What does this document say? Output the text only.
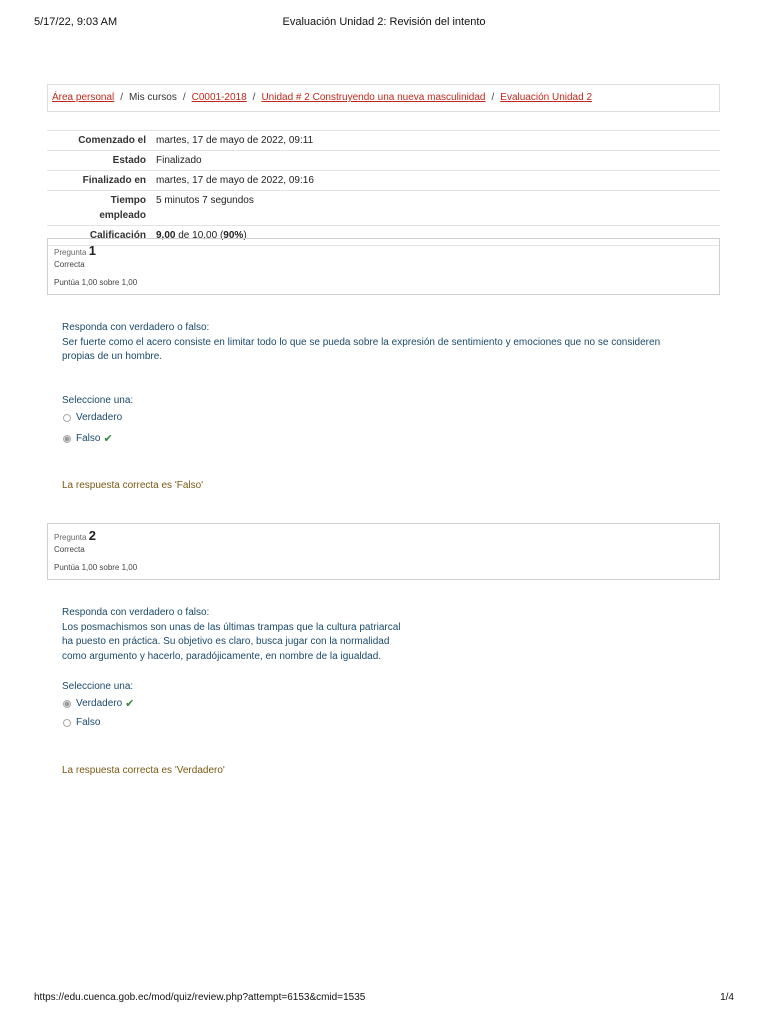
5/17/22, 9:03 AM	Evaluación Unidad 2: Revisión del intento
Área personal / Mis cursos / C0001-2018 / Unidad # 2 Construyendo una nueva masculinidad / Evaluación Unidad 2
Comenzado el	martes, 17 de mayo de 2022, 09:11
Estado	Finalizado
Finalizado en	martes, 17 de mayo de 2022, 09:16
Tiempo
empleado	5 minutos 7 segundos
Calificación	9,00 de 10,00 (90%)
Pregunta 1
Correcta
Puntúa 1,00 sobre 1,00
Responda con verdadero o falso:
Ser fuerte como el acero consiste en limitar todo lo que se pueda sobre la expresión de sentimiento y emociones que no se consideren
propias de un hombre.
Seleccione una:
Verdadero
Falso ✔
La respuesta correcta es 'Falso'
Pregunta 2
Correcta
Puntúa 1,00 sobre 1,00
Responda con verdadero o falso:
Los posmachismos son unas de las últimas trampas que la cultura patriarcal
ha puesto en práctica. Su objetivo es claro, busca jugar con la normalidad
como argumento y hacerlo, paradójicamente, en nombre de la igualdad.
Seleccione una:
Verdadero ✔
Falso
La respuesta correcta es 'Verdadero'
https://edu.cuenca.gob.ec/mod/quiz/review.php?attempt=6153&cmid=1535	1/4
